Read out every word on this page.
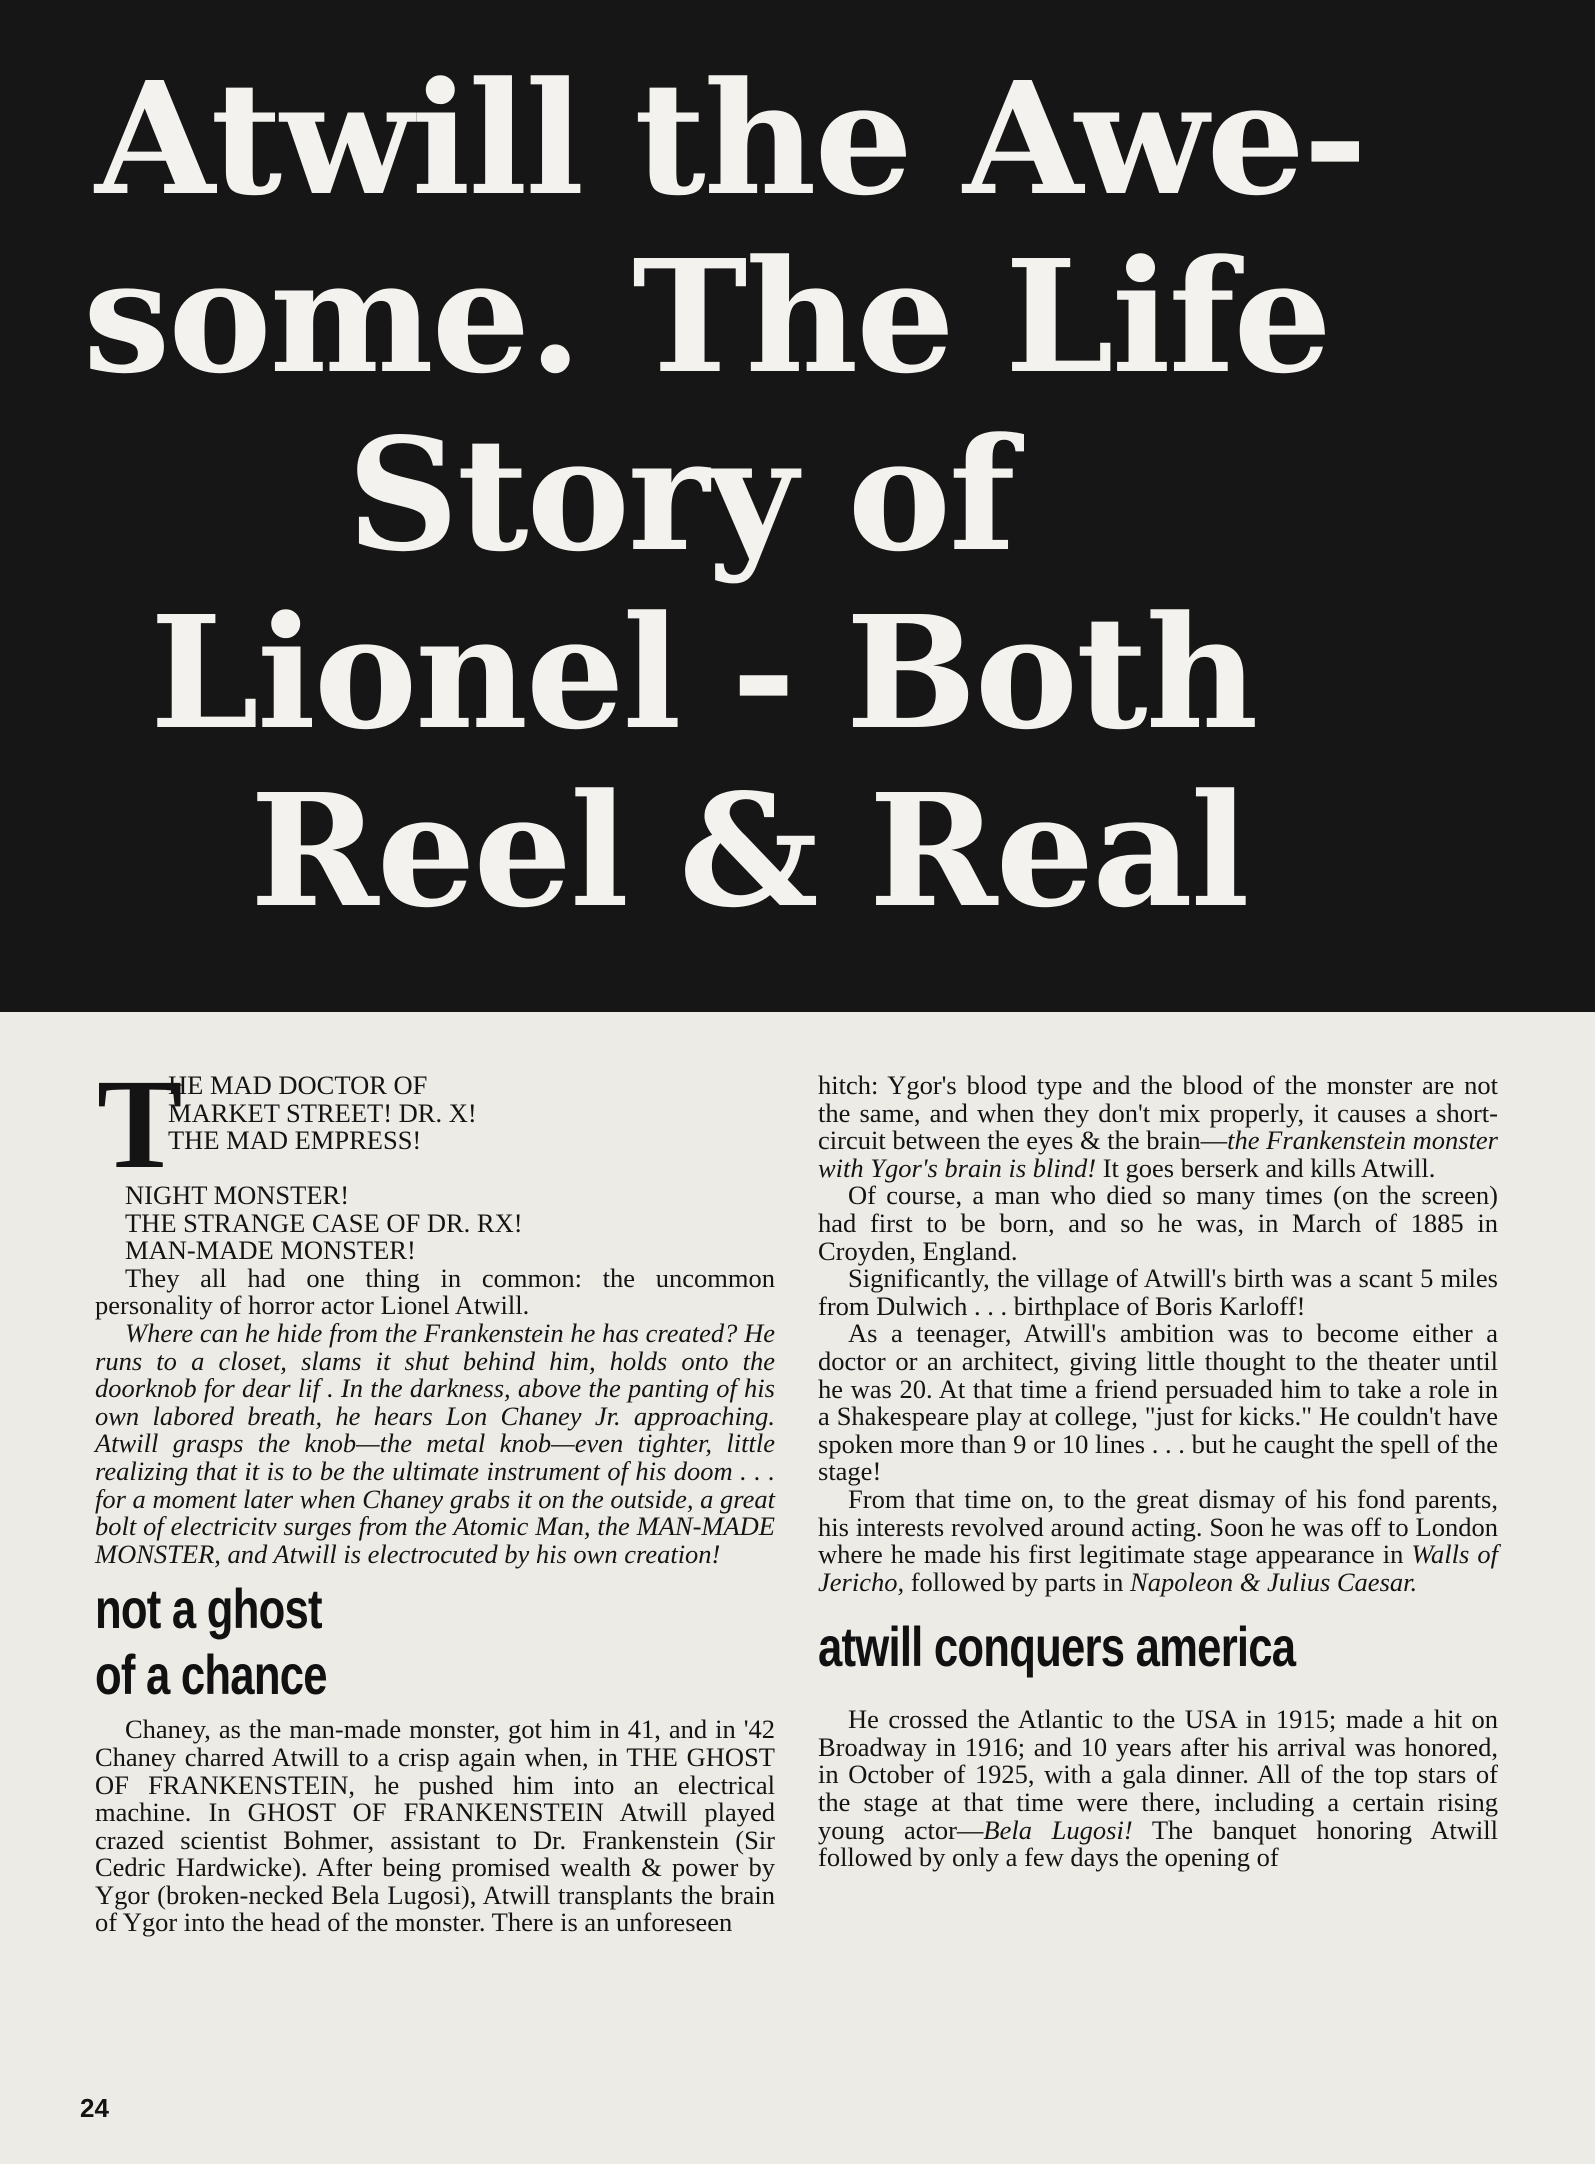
Atwill the Awe-
some. The Life
Story of
Lionel - Both
Reel & Real
T
HE MAD DOCTOR OF
MARKET STREET! DR. X!
THE MAD EMPRESS!
NIGHT MONSTER!
THE STRANGE CASE OF DR. RX!
MAN-MADE MONSTER!

They all had one thing in common: the uncommon personality of horror actor Lionel Atwill.

Where can he hide from the Frankenstein he has created? He runs to a closet, slams it shut behind him, holds onto the doorknob for dear lif . In the darkness, above the panting of his own labored breath, he hears Lon Chaney Jr. approaching. Atwill grasps the knob—the metal knob—even tighter, little realizing that it is to be the ultimate instrument of his doom . . . for a moment later when Chaney grabs it on the outside, a great bolt of electricitv surges from the Atomic Man, the MAN-MADE MONSTER, and Atwill is electrocuted by his own creation!

not a ghost
of a chance

Chaney, as the man-made monster, got him in 41, and in '42 Chaney charred Atwill to a crisp again when, in THE GHOST OF FRANKENSTEIN, he pushed him into an electrical machine. In GHOST OF FRANKENSTEIN Atwill played crazed scientist Bohmer, assistant to Dr. Frankenstein (Sir Cedric Hardwicke). After being promised wealth & power by Ygor (broken-necked Bela Lugosi), Atwill transplants the brain of Ygor into the head of the monster. There is an unforeseen

hitch: Ygor's blood type and the blood of the monster are not the same, and when they don't mix properly, it causes a short-circuit between the eyes & the brain—the Frankenstein monster with Ygor's brain is blind! It goes berserk and kills Atwill.

Of course, a man who died so many times (on the screen) had first to be born, and so he was, in March of 1885 in Croyden, England.

Significantly, the village of Atwill's birth was a scant 5 miles from Dulwich . . . birthplace of Boris Karloff!

As a teenager, Atwill's ambition was to become either a doctor or an architect, giving little thought to the theater until he was 20. At that time a friend persuaded him to take a role in a Shakespeare play at college, "just for kicks." He couldn't have spoken more than 9 or 10 lines . . . but he caught the spell of the stage!

From that time on, to the great dismay of his fond parents, his interests revolved around acting. Soon he was off to London where he made his first legitimate stage appearance in Walls of Jericho, followed by parts in Napoleon & Julius Caesar.

atwill conquers america

He crossed the Atlantic to the USA in 1915; made a hit on Broadway in 1916; and 10 years after his arrival was honored, in October of 1925, with a gala dinner. All of the top stars of the stage at that time were there, including a certain rising young actor—Bela Lugosi! The banquet honoring Atwill followed by only a few days the opening of

24
